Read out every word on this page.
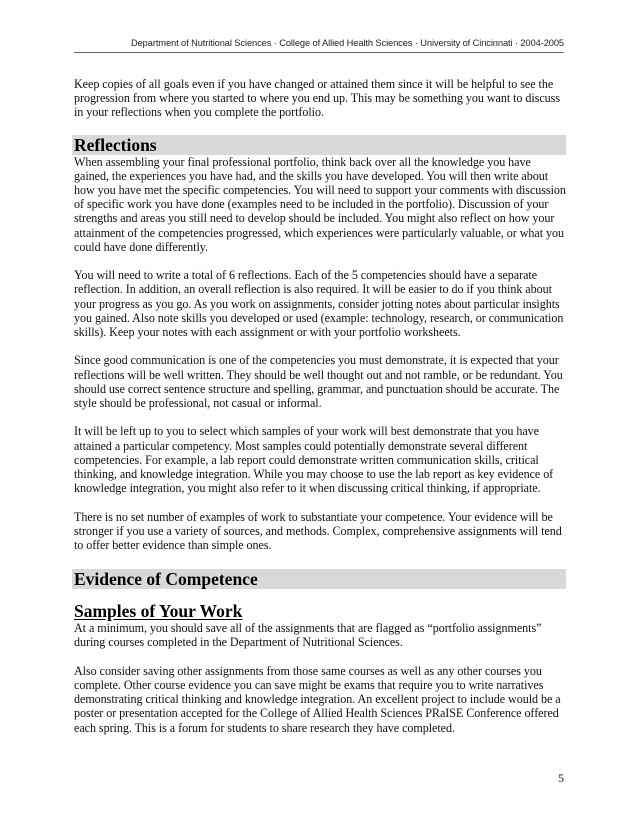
Department of Nutritional Sciences · College of Allied Health Sciences · University of Cincinnati · 2004-2005

Keep copies of all goals even if you have changed or attained them since it will be helpful to see the progression from where you started to where you end up. This may be something you want to discuss in your reflections when you complete the portfolio.

Reflections

When assembling your final professional portfolio, think back over all the knowledge you have gained, the experiences you have had, and the skills you have developed. You will then write about how you have met the specific competencies. You will need to support your comments with discussion of specific work you have done (examples need to be included in the portfolio). Discussion of your strengths and areas you still need to develop should be included. You might also reflect on how your attainment of the competencies progressed, which experiences were particularly valuable, or what you could have done differently.

You will need to write a total of 6 reflections. Each of the 5 competencies should have a separate reflection. In addition, an overall reflection is also required. It will be easier to do if you think about your progress as you go. As you work on assignments, consider jotting notes about particular insights you gained. Also note skills you developed or used (example: technology, research, or communication skills). Keep your notes with each assignment or with your portfolio worksheets.

Since good communication is one of the competencies you must demonstrate, it is expected that your reflections will be well written. They should be well thought out and not ramble, or be redundant. You should use correct sentence structure and spelling, grammar, and punctuation should be accurate. The style should be professional, not casual or informal.

It will be left up to you to select which samples of your work will best demonstrate that you have attained a particular competency. Most samples could potentially demonstrate several different competencies. For example, a lab report could demonstrate written communication skills, critical thinking, and knowledge integration. While you may choose to use the lab report as key evidence of knowledge integration, you might also refer to it when discussing critical thinking, if appropriate.

There is no set number of examples of work to substantiate your competence. Your evidence will be stronger if you use a variety of sources, and methods. Complex, comprehensive assignments will tend to offer better evidence than simple ones.

Evidence of Competence
Samples of Your Work

At a minimum, you should save all of the assignments that are flagged as “portfolio assignments” during courses completed in the Department of Nutritional Sciences.

Also consider saving other assignments from those same courses as well as any other courses you complete. Other course evidence you can save might be exams that require you to write narratives demonstrating critical thinking and knowledge integration. An excellent project to include would be a poster or presentation accepted for the College of Allied Health Sciences PRaISE Conference offered each spring. This is a forum for students to share research they have completed.

5
